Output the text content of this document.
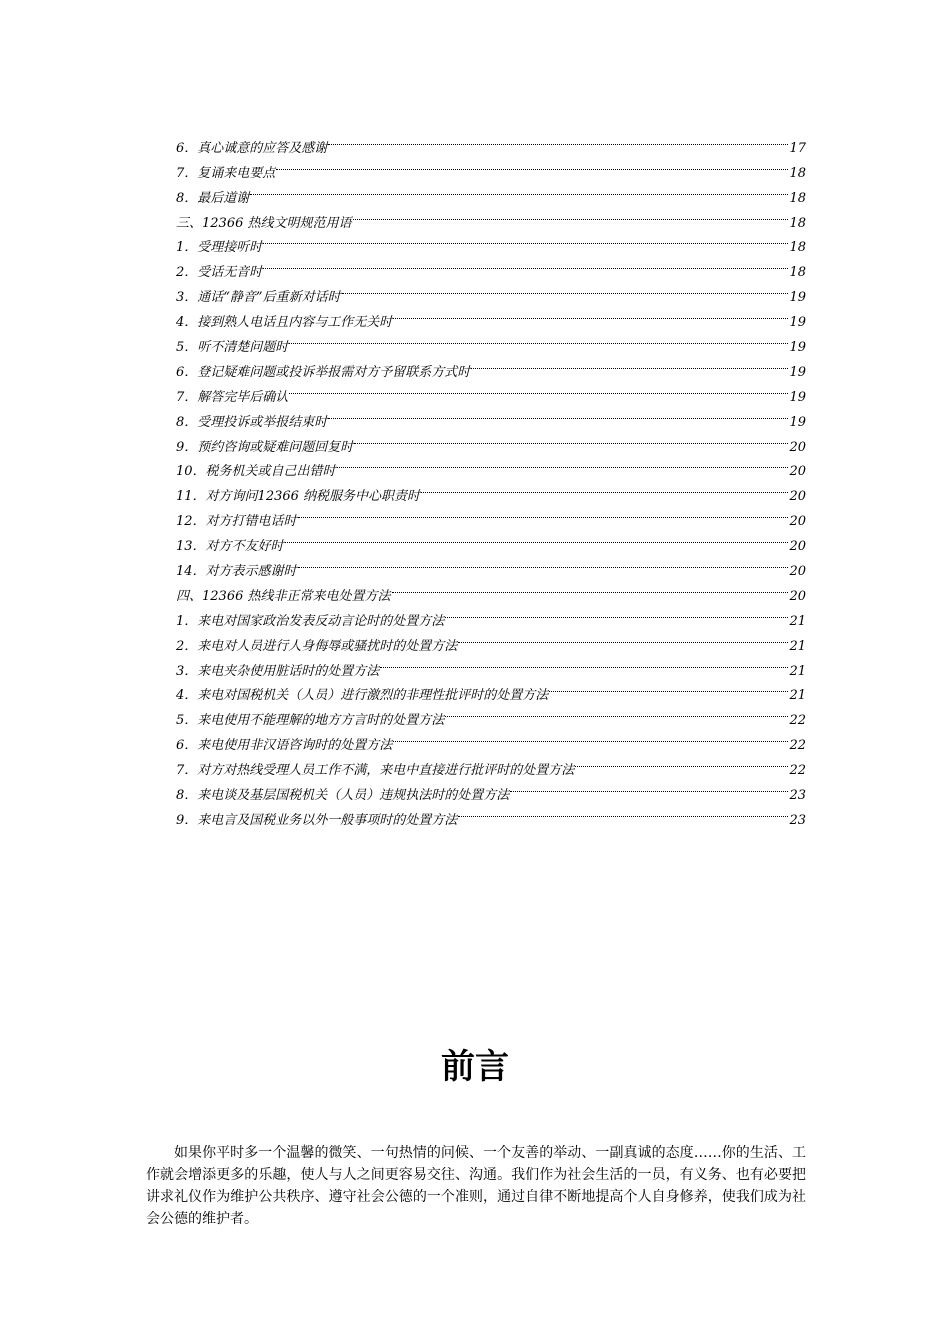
6．真心诚意的应答及感谢	17
7．复诵来电要点	18
8．最后道谢	18
三、12366 热线文明规范用语	18
1．受理接听时	18
2．受话无音时	18
3．通话“静音”后重新对话时	19
4．接到熟人电话且内容与工作无关时	19
5．听不清楚问题时	19
6．登记疑难问题或投诉举报需对方予留联系方式时	19
7．解答完毕后确认	19
8．受理投诉或举报结束时	19
9．预约咨询或疑难问题回复时	20
10．税务机关或自己出错时	20
11．对方询问12366 纳税服务中心职责时	20
12．对方打错电话时	20
13．对方不友好时	20
14．对方表示感谢时	20
四、12366 热线非正常来电处置方法	20
1．来电对国家政治发表反动言论时的处置方法	21
2．来电对人员进行人身侮辱或骚扰时的处置方法	21
3．来电夹杂使用脏话时的处置方法	21
4．来电对国税机关（人员）进行激烈的非理性批评时的处置方法	21
5．来电使用不能理解的地方方言时的处置方法	22
6．来电使用非汉语咨询时的处置方法	22
7．对方对热线受理人员工作不满，来电中直接进行批评时的处置方法	22
8．来电谈及基层国税机关（人员）违规执法时的处置方法	23
9．来电言及国税业务以外一般事项时的处置方法	23
前言

如果你平时多一个温馨的微笑、一句热情的问候、一个友善的举动、一副真诚的态度……你的生活、工作就会增添更多的乐趣，使人与人之间更容易交往、沟通。我们作为社会生活的一员，有义务、也有必要把讲求礼仪作为维护公共秩序、遵守社会公德的一个准则，通过自律不断地提高个人自身修养，使我们成为社会公德的维护者。
